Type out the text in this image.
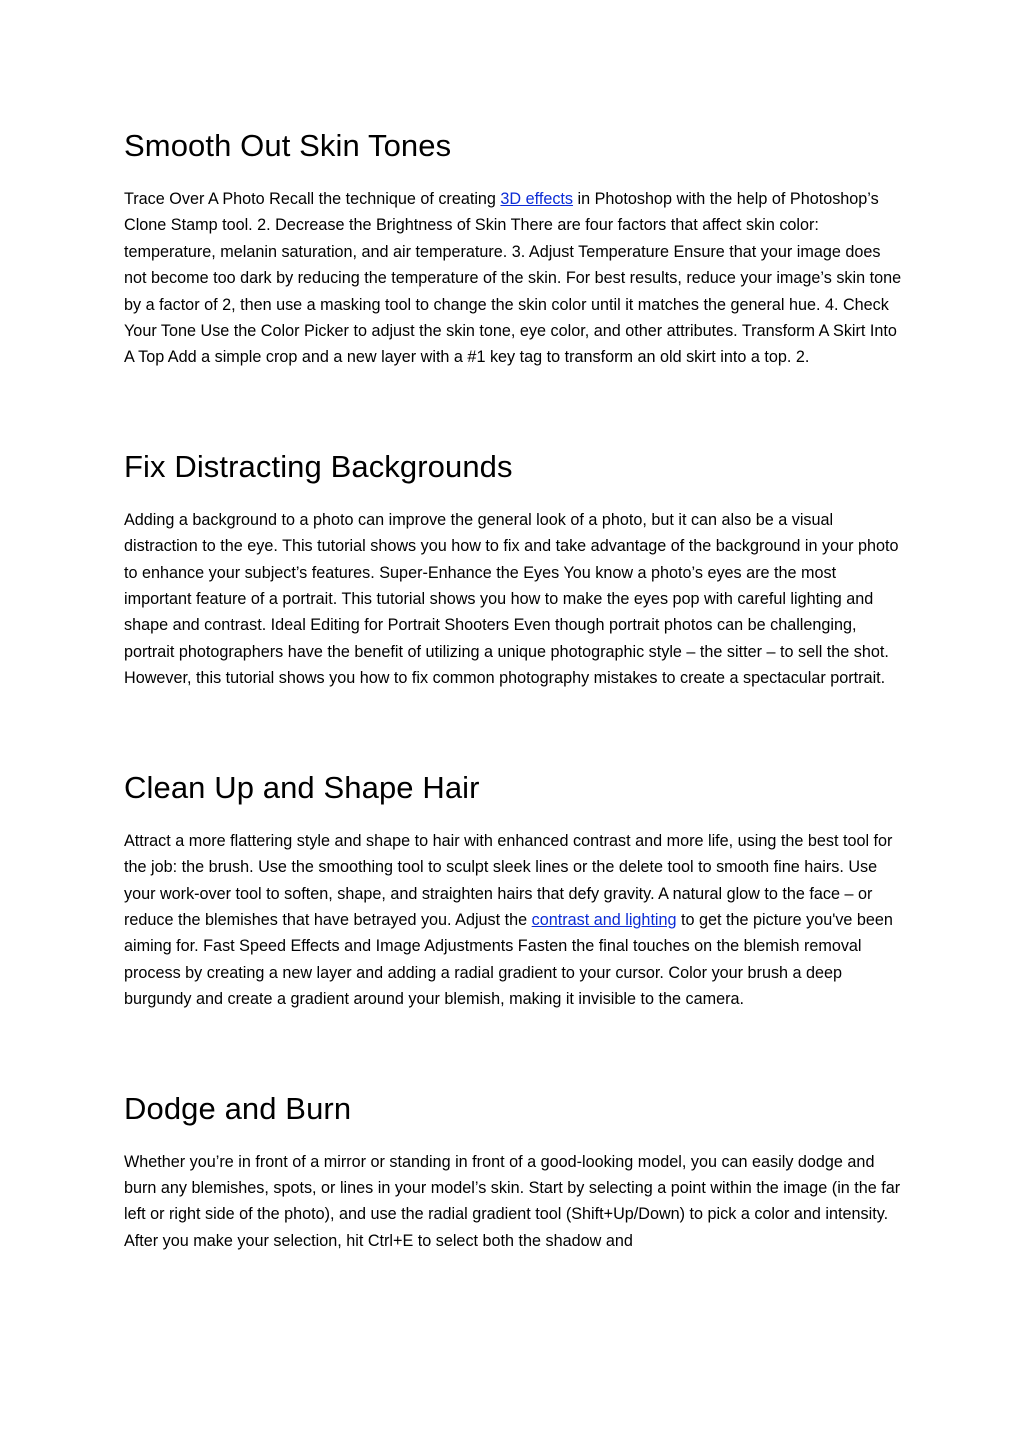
Smooth Out Skin Tones

Trace Over A Photo Recall the technique of creating 3D effects in Photoshop with the help of Photoshop’s Clone Stamp tool. 2. Decrease the Brightness of Skin There are four factors that affect skin color: temperature, melanin saturation, and air temperature. 3. Adjust Temperature Ensure that your image does not become too dark by reducing the temperature of the skin. For best results, reduce your image’s skin tone by a factor of 2, then use a masking tool to change the skin color until it matches the general hue. 4. Check Your Tone Use the Color Picker to adjust the skin tone, eye color, and other attributes. Transform A Skirt Into A Top Add a simple crop and a new layer with a #1 key tag to transform an old skirt into a top. 2.

Fix Distracting Backgrounds

Adding a background to a photo can improve the general look of a photo, but it can also be a visual distraction to the eye. This tutorial shows you how to fix and take advantage of the background in your photo to enhance your subject’s features. Super-Enhance the Eyes You know a photo’s eyes are the most important feature of a portrait. This tutorial shows you how to make the eyes pop with careful lighting and shape and contrast. Ideal Editing for Portrait Shooters Even though portrait photos can be challenging, portrait photographers have the benefit of utilizing a unique photographic style – the sitter – to sell the shot. However, this tutorial shows you how to fix common photography mistakes to create a spectacular portrait.

Clean Up and Shape Hair

Attract a more flattering style and shape to hair with enhanced contrast and more life, using the best tool for the job: the brush. Use the smoothing tool to sculpt sleek lines or the delete tool to smooth fine hairs. Use your work-over tool to soften, shape, and straighten hairs that defy gravity. A natural glow to the face – or reduce the blemishes that have betrayed you. Adjust the contrast and lighting to get the picture you've been aiming for. Fast Speed Effects and Image Adjustments Fasten the final touches on the blemish removal process by creating a new layer and adding a radial gradient to your cursor. Color your brush a deep burgundy and create a gradient around your blemish, making it invisible to the camera.

Dodge and Burn

Whether you’re in front of a mirror or standing in front of a good-looking model, you can easily dodge and burn any blemishes, spots, or lines in your model’s skin. Start by selecting a point within the image (in the far left or right side of the photo), and use the radial gradient tool (Shift+Up/Down) to pick a color and intensity. After you make your selection, hit Ctrl+E to select both the shadow and
